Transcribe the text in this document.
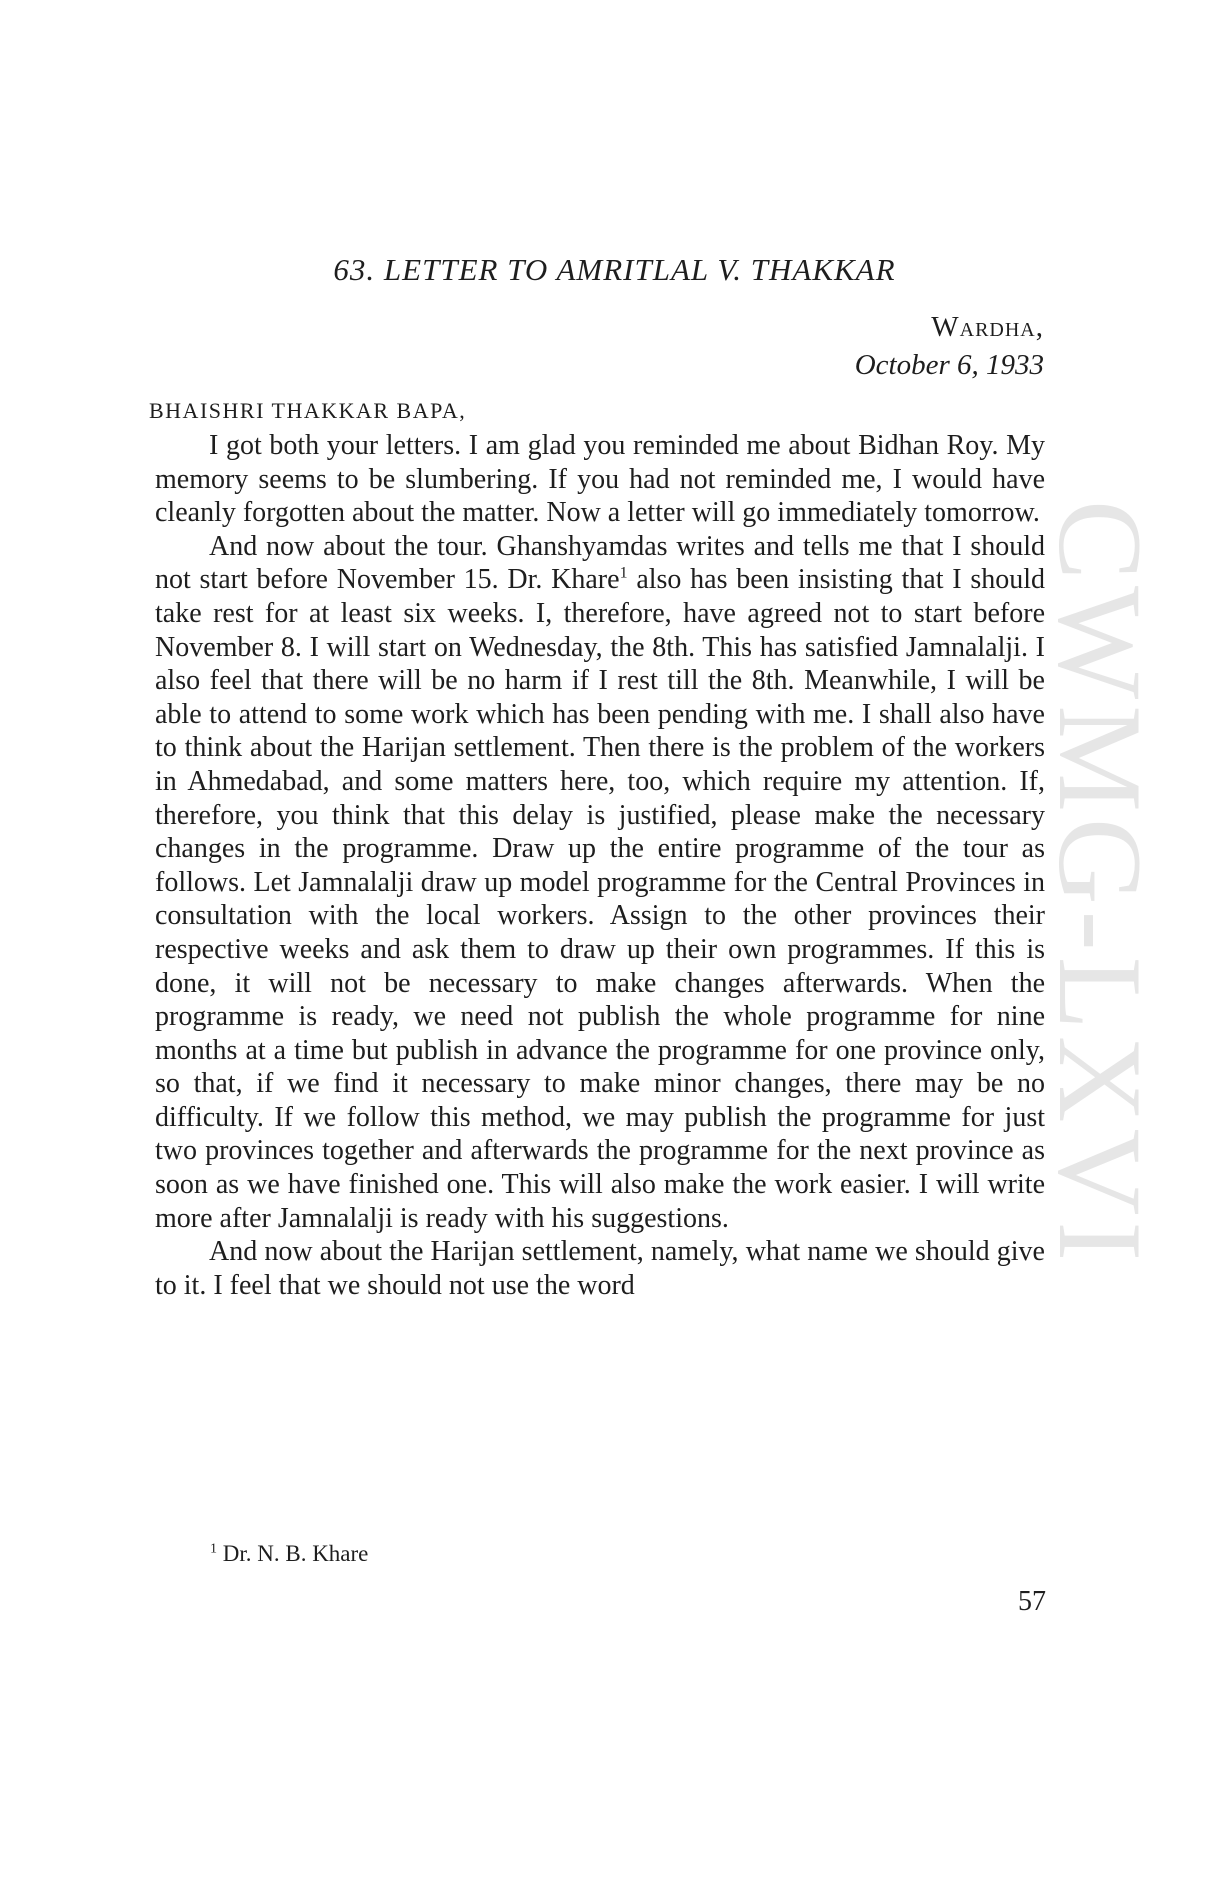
CWMG-LXVI
63. LETTER TO AMRITLAL V. THAKKAR
Wardha,
October 6, 1933
BHAISHRI THAKKAR BAPA,

I got both your letters. I am glad you reminded me about Bidhan Roy. My memory seems to be slumbering. If you had not reminded me, I would have cleanly forgotten about the matter. Now a letter will go immediately tomorrow.

And now about the tour. Ghanshyamdas writes and tells me that I should not start before November 15. Dr. Khare$^1$ also has been insisting that I should take rest for at least six weeks. I, therefore, have agreed not to start before November 8. I will start on Wednesday, the 8th. This has satisfied Jamnalalji. I also feel that there will be no harm if I rest till the 8th. Meanwhile, I will be able to attend to some work which has been pending with me. I shall also have to think about the Harijan settlement. Then there is the problem of the workers in Ahmedabad, and some matters here, too, which require my attention. If, therefore, you think that this delay is justified, please make the necessary changes in the programme. Draw up the entire programme of the tour as follows. Let Jamnalalji draw up model programme for the Central Provinces in consultation with the local workers. Assign to the other provinces their respective weeks and ask them to draw up their own programmes. If this is done, it will not be necessary to make changes afterwards. When the programme is ready, we need not publish the whole programme for nine months at a time but publish in advance the programme for one province only, so that, if we find it necessary to make minor changes, there may be no difficulty. If we follow this method, we may publish the programme for just two provinces together and afterwards the programme for the next province as soon as we have finished one. This will also make the work easier. I will write more after Jamnalalji is ready with his suggestions.

And now about the Harijan settlement, namely, what name we should give to it. I feel that we should not use the word

$^1$ Dr. N. B. Khare
57
